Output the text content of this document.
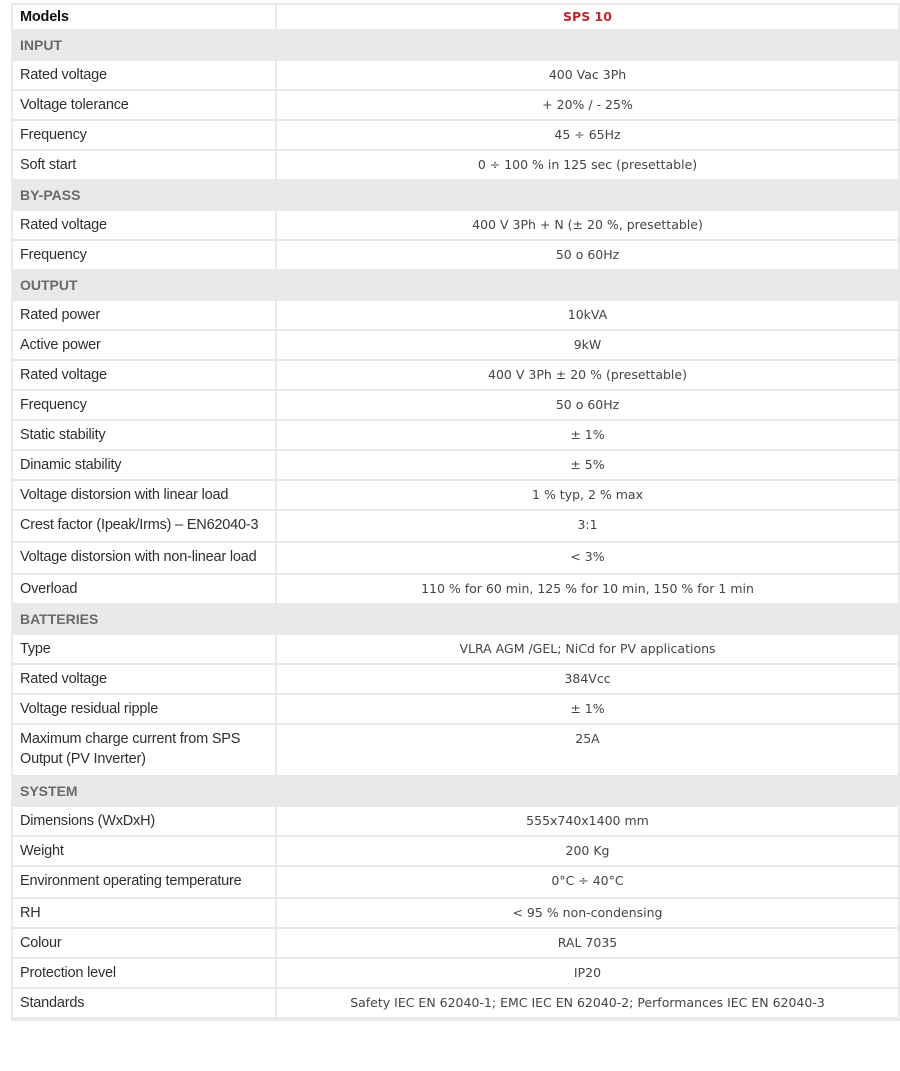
Models	SPS 10
INPUT	
Rated voltage	400 Vac 3Ph
Voltage tolerance	+ 20% / - 25%
Frequency	45 ÷ 65Hz
Soft start	0 ÷ 100 % in 125 sec (presettable)
BY-PASS	
Rated voltage	400 V 3Ph + N (± 20 %, presettable)
Frequency	50 o 60Hz
OUTPUT	
Rated power	10kVA
Active power	9kW
Rated voltage	400 V 3Ph ± 20 % (presettable)
Frequency	50 o 60Hz
Static stability	± 1%
Dinamic stability	± 5%
Voltage distorsion with linear load	1 % typ, 2 % max
Crest factor (Ipeak/Irms) – EN62040-3	3:1
Voltage distorsion with non-linear load	< 3%
Overload	110 % for 60 min, 125 % for 10 min, 150 % for 1 min
BATTERIES	
Type	VLRA AGM /GEL; NiCd for PV applications
Rated voltage	384Vcc
Voltage residual ripple	± 1%
Maximum charge current from SPS Output (PV Inverter)	25A
SYSTEM	
Dimensions (WxDxH)	555x740x1400 mm
Weight	200 Kg
Environment operating temperature	0°C ÷ 40°C
RH	< 95 % non-condensing
Colour	RAL 7035
Protection level	IP20
Standards	Safety IEC EN 62040-1; EMC IEC EN 62040-2; Performances IEC EN 62040-3
